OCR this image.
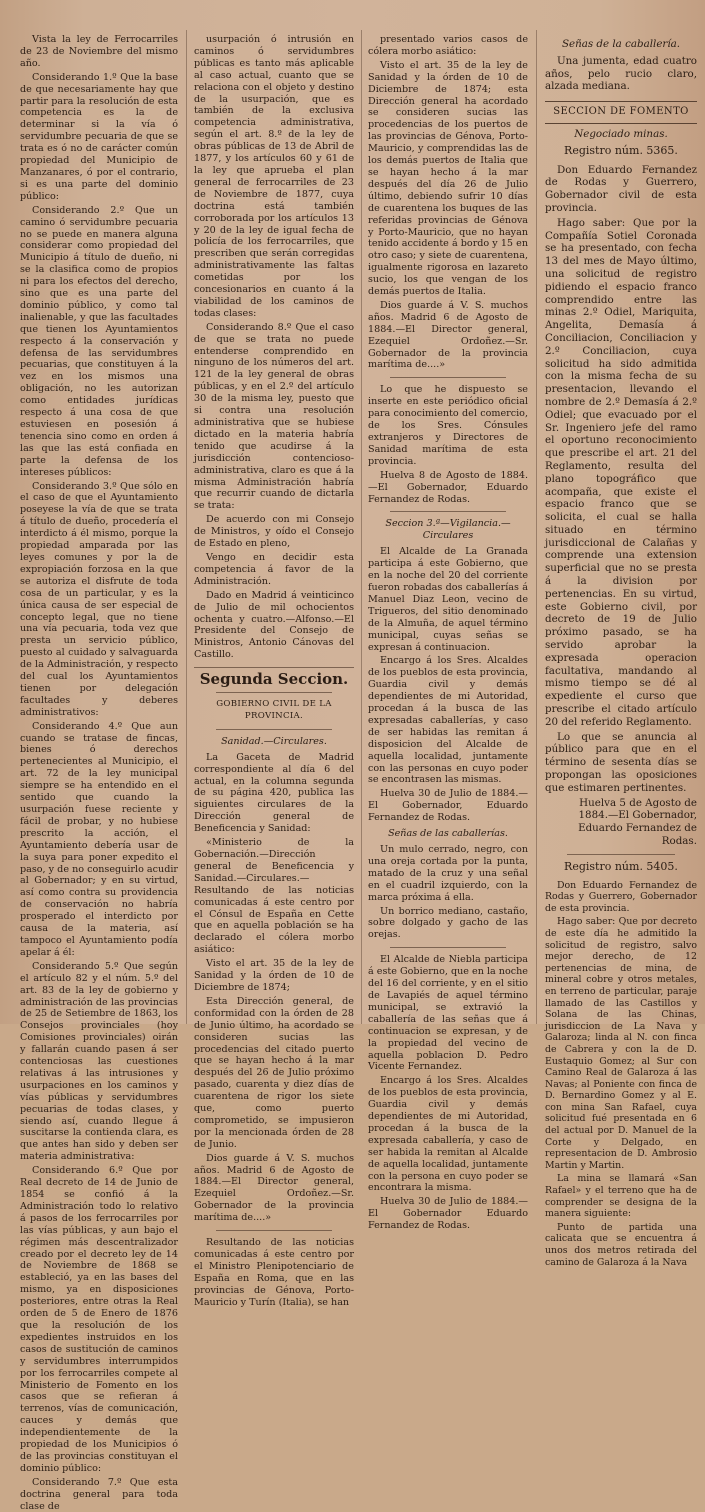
Vista la ley de Ferrocarriles de 23 de Noviembre del mismo año.

Considerando 1.º Que la base de que necesariamente hay que partir para la resolución de esta competencia es la de determinar si la vía ó servidumbre pecuaria de que se trata es ó no de carácter común propiedad del Municipio de Manzanares, ó por el contrario, si es una parte del dominio público:

Considerando 2.º Que un camino ó servidumbre pecuaria no se puede en manera alguna considerar como propiedad del Municipio á título de dueño, ni se la clasifica como de propios ni para los efectos del derecho, sino que es una parte del dominio público, y como tal inalienable, y que las facultades que tienen los Ayuntamientos respecto á la conservación y defensa de las servidumbres pecuarias, que constituyen á la vez en los mismos una obligación, no les autorizan como entidades jurídicas respecto á una cosa de que estuviesen en posesión á tenencia sino como en orden á las que las está confiada en parte la defensa de los intereses públicos:

Considerando 3.º Que sólo en el caso de que el Ayuntamiento poseyese la vía de que se trata á título de dueño, procedería el interdicto á él mismo, porque la propiedad amparada por las leyes comunes y por la de expropiación forzosa en la que se autoriza el disfrute de toda cosa de un particular, y es la única causa de ser especial de concepto legal, que no tiene una vía pecuaria, toda vez que presta un servicio público, puesto al cuidado y salvaguarda de la Administración, y respecto del cual los Ayuntamientos tienen por delegación facultades y deberes administrativos:

Considerando 4.º Que aun cuando se tratase de fincas, bienes ó derechos pertenecientes al Municipio, el art. 72 de la ley municipal siempre se ha entendido en el sentido que cuando la usurpación fuese reciente y fácil de probar, y no hubiese prescrito la acción, el Ayuntamiento debería usar de la suya para poner expedito el paso, y de no conseguirlo acudir al Gobernador; y en su virtud, así como contra su providencia de conservación no habría prosperado el interdicto por causa de la materia, así tampoco el Ayuntamiento podía apelar á él:

Considerando 5.º Que según el artículo 82 y el núm. 5.º del art. 83 de la ley de gobierno y administración de las provincias de 25 de Setiembre de 1863, los Consejos provinciales (hoy Comisiones provinciales) oirán y fallarán cuando pasen á ser contenciosas las cuestiones relativas á las intrusiones y usurpaciones en los caminos y vías públicas y servidumbres pecuarias de todas clases, y siendo así, cuando llegue á suscitarse la contienda clara, es que antes han sido y deben ser materia administrativa:

Considerando 6.º Que por Real decreto de 14 de Junio de 1854 se confió á la Administración todo lo relativo á pasos de los ferrocarriles por las vías públicas, y aun bajo el régimen más descentralizador creado por el decreto ley de 14 de Noviembre de 1868 se estableció, ya en las bases del mismo, ya en disposiciones posteriores, entre otras la Real orden de 5 de Enero de 1876 que la resolución de los expedientes instruidos en los casos de sustitución de caminos y servidumbres interrumpidos por los ferrocarriles compete al Ministerio de Fomento en los casos que se refieran á terrenos, vías de comunicación, cauces y demás que independientemente de la propiedad de los Municipios ó de las provincias constituyan el dominio público:

Considerando 7.º Que esta doctrina general para toda clase de

usurpación ó intrusión en caminos ó servidumbres públicas es tanto más aplicable al caso actual, cuanto que se relaciona con el objeto y destino de la usurpación, que es también de la exclusiva competencia administrativa, según el art. 8.º de la ley de obras públicas de 13 de Abril de 1877, y los artículos 60 y 61 de la ley que aprueba el plan general de ferrocarriles de 23 de Noviembre de 1877, cuya doctrina está también corroborada por los artículos 13 y 20 de la ley de igual fecha de policía de los ferrocarriles, que prescriben que serán corregidas administrativamente las faltas cometidas por los concesionarios en cuanto á la viabilidad de los caminos de todas clases:

Considerando 8.º Que el caso de que se trata no puede entenderse comprendido en ninguno de los números del art. 121 de la ley general de obras públicas, y en el 2.º del artículo 30 de la misma ley, puesto que si contra una resolución administrativa que se hubiese dictado en la materia habría tenido que acudirse á la jurisdicción contencioso-administrativa, claro es que á la misma Administración habría que recurrir cuando de dictarla se trata:

De acuerdo con mi Consejo de Ministros, y oído el Consejo de Estado en pleno,

Vengo en decidir esta competencia á favor de la Administración.

Dado en Madrid á veinticinco de Julio de mil ochocientos ochenta y cuatro.—Alfonso.—El Presidente del Consejo de Ministros, Antonio Cánovas del Castillo.

Segunda Seccion.
GOBIERNO CIVIL DE LA PROVINCIA.
Sanidad.—Circulares.

La Gaceta de Madrid correspondiente al día 6 del actual, en la columna segunda de su página 420, publica las siguientes circulares de la Dirección general de Beneficencia y Sanidad:

«Ministerio de la Gobernación.—Dirección general de Beneficencia y Sanidad.—Circulares.—Resultando de las noticias comunicadas á este centro por el Cónsul de España en Cette que en aquella población se ha declarado el cólera morbo asiático:

Visto el art. 35 de la ley de Sanidad y la órden de 10 de Diciembre de 1874;

Esta Dirección general, de conformidad con la órden de 28 de Junio último, ha acordado se consideren sucias las procedencias del citado puerto que se hayan hecho á la mar después del 26 de Julio próximo pasado, cuarenta y diez días de cuarentena de rigor los siete que, como puerto comprometido, se impusieron por la mencionada órden de 28 de Junio.

Dios guarde á V. S. muchos años. Madrid 6 de Agosto de 1884.—El Director general, Ezequiel Ordoñez.—Sr. Gobernador de la provincia marítima de....»

Resultando de las noticias comunicadas á este centro por el Ministro Plenipotenciario de España en Roma, que en las provincias de Génova, Porto-Mauricio y Turín (Italia), se han

presentado varios casos de cólera morbo asiático:

Visto el art. 35 de la ley de Sanidad y la órden de 10 de Diciembre de 1874; esta Dirección general ha acordado se consideren sucias las procedencias de los puertos de las provincias de Génova, Porto-Mauricio, y comprendidas las de los demás puertos de Italia que se hayan hecho á la mar después del día 26 de Julio último, debiendo sufrir 10 días de cuarentena los buques de las referidas provincias de Génova y Porto-Mauricio, que no hayan tenido accidente á bordo y 15 en otro caso; y siete de cuarentena, igualmente rigorosa en lazareto sucio, los que vengan de los demás puertos de Italia.

Dios guarde á V. S. muchos años. Madrid 6 de Agosto de 1884.—El Director general, Ezequiel Ordoñez.—Sr. Gobernador de la provincia marítima de....»

Lo que he dispuesto se inserte en este periódico oficial para conocimiento del comercio, de los Sres. Cónsules extranjeros y Directores de Sanidad marítima de esta provincia.

Huelva 8 de Agosto de 1884.—El Gobernador, Eduardo Fernandez de Rodas.

Seccion 3.ª—Vigilancia.—Circulares

El Alcalde de La Granada participa á este Gobierno, que en la noche del 20 del corriente fueron robadas dos caballerías á Manuel Diaz Leon, vecino de Trigueros, del sitio denominado de la Almuña, de aquel término municipal, cuyas señas se expresan á continuacion.

Encargo á los Sres. Alcaldes de los pueblos de esta provincia, Guardia civil y demás dependientes de mi Autoridad, procedan á la busca de las expresadas caballerías, y caso de ser habidas las remitan á disposicion del Alcalde de aquella localidad, juntamente con las personas en cuyo poder se encontrasen las mismas.

Huelva 30 de Julio de 1884.—El Gobernador, Eduardo Fernandez de Rodas.

Señas de las caballerías.

Un mulo cerrado, negro, con una oreja cortada por la punta, matado de la cruz y una señal en el cuadril izquierdo, con la marca próxima á ella.

Un borrico mediano, castaño, sobre dolgado y gacho de las orejas.

El Alcalde de Niebla participa á este Gobierno, que en la noche del 16 del corriente, y en el sitio de Lavapiés de aquel término municipal, se extravió la caballería de las señas que á continuacion se expresan, y de la propiedad del vecino de aquella poblacion D. Pedro Vicente Fernandez.

Encargo á los Sres. Alcaldes de los pueblos de esta provincia, Guardia civil y demás dependientes de mi Autoridad, procedan á la busca de la expresada caballería, y caso de ser habida la remitan al Alcalde de aquella localidad, juntamente con la persona en cuyo poder se encontrara la misma.

Huelva 30 de Julio de 1884.—El Gobernador Eduardo Fernandez de Rodas.

Señas de la caballería.

Una jumenta, edad cuatro años, pelo rucio claro, alzada mediana.

SECCION DE FOMENTO
Negociado minas.
Registro núm. 5365.

Don Eduardo Fernandez de Rodas y Guerrero, Gobernador civil de esta provincia.

Hago saber: Que por la Compañía Sotiel Coronada se ha presentado, con fecha 13 del mes de Mayo último, una solicitud de registro pidiendo el espacio franco comprendido entre las minas 2.º Odiel, Mariquita, Angelita, Demasía á Conciliacion, Conciliacion y 2.º Conciliacion, cuya solicitud ha sido admitida con la misma fecha de su presentacion, llevando el nombre de 2.º Demasía á 2.º Odiel; que evacuado por el Sr. Ingeniero jefe del ramo el oportuno reconocimiento que prescribe el art. 21 del Reglamento, resulta del plano topográfico que acompaña, que existe el espacio franco que se solicita, el cual se halla situado en término jurisdiccional de Calañas y comprende una extension superficial que no se presta á la division por pertenencias. En su virtud, este Gobierno civil, por decreto de 19 de Julio próximo pasado, se ha servido aprobar la expresada operacion facultativa, mandando al mismo tiempo se dé al expediente el curso que prescribe el citado artículo 20 del referido Reglamento.

Lo que se anuncia al público para que en el término de sesenta días se propongan las oposiciones que estimaren pertinentes.

Huelva 5 de Agosto de 1884.—El Gobernador, Eduardo Fernandez de Rodas.

Registro núm. 5405.

Don Eduardo Fernandez de Rodas y Guerrero, Gobernador de esta provincia.

Hago saber: Que por decreto de este día he admitido la solicitud de registro, salvo mejor derecho, de 12 pertenencias de mina, de mineral cobre y otros metales, en terreno de particular, paraje llamado de las Castillos y Solana de las Chinas, jurisdiccion de La Nava y Galaroza; linda al N. con finca de Cabrera y con la de D. Eustaquio Gomez; al Sur con Camino Real de Galaroza á las Navas; al Poniente con finca de D. Bernardino Gomez y al E. con mina San Rafael, cuya solicitud fué presentada en 6 del actual por D. Manuel de la Corte y Delgado, en representacion de D. Ambrosio Martin y Martin.

La mina se llamará «San Rafael» y el terreno que ha de comprender se designa de la manera siguiente:

Punto de partida una calicata que se encuentra á unos dos metros retirada del camino de Galaroza á la Nava
